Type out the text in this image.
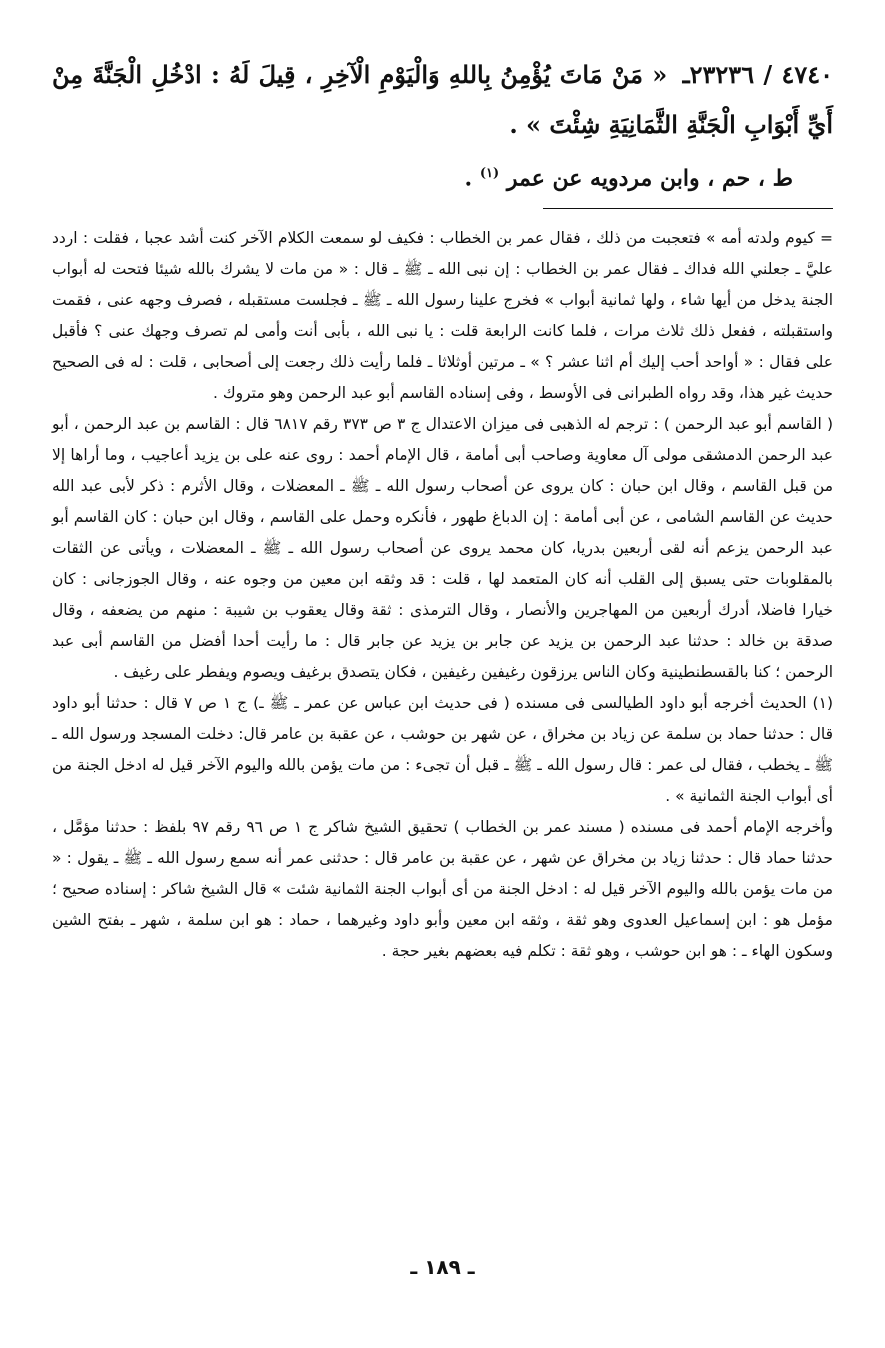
٤٧٤٠ / ٢٣٢٣٦ـ « مَنْ مَاتَ يُؤْمِنُ بِاللهِ وَالْيَوْمِ الْآخِرِ ، قِيلَ لَهُ : ادْخُلِ الْجَنَّةَ مِنْ أَيِّ أَبْوَابِ الْجَنَّةِ الثَّمَانِيَةِ شِئْتَ » .

ط ، حم ، وابن مردويه عن عمر $^{(١)}$ .

= كيوم ولدته أمه » فتعجبت من ذلك ، فقال عمر بن الخطاب : فكيف لو سمعت الكلام الآخر كنت أشد عجبا ، فقلت : اردد عليَّ ـ جعلني الله فداك ـ فقال عمر بن الخطاب : إن نبى الله ـ ﷺ ـ قال : « من مات لا يشرك بالله شيئا فتحت له أبواب الجنة يدخل من أيها شاء ، ولها ثمانية أبواب » فخرج علينا رسول الله ـ ﷺ ـ فجلست مستقبله ، فصرف وجهه عنى ، فقمت واستقبلته ، ففعل ذلك ثلاث مرات ، فلما كانت الرابعة قلت : يا نبى الله ، بأبى أنت وأمى لم تصرف وجهك عنى ؟ فأقبل على فقال : « أواحد أحب إليك أم اثنا عشر ؟ » ـ مرتين أوثلاثا ـ فلما رأيت ذلك رجعت إلى أصحابى ، قلت : له فى الصحيح حديث غير هذا، وقد رواه الطبرانى فى الأوسط ، وفى إسناده القاسم أبو عبد الرحمن وهو متروك .

( القاسم أبو عبد الرحمن ) : ترجم له الذهبى فى ميزان الاعتدال ج ٣ ص ٣٧٣ رقم ٦٨١٧ قال : القاسم بن عبد الرحمن ، أبو عبد الرحمن الدمشقى مولى آل معاوية وصاحب أبى أمامة ، قال الإمام أحمد : روى عنه على بن يزيد أعاجيب ، وما أراها إلا من قبل القاسم ، وقال ابن حبان : كان يروى عن أصحاب رسول الله ـ ﷺ ـ المعضلات ، وقال الأثرم : ذكر لأبى عبد الله حديث عن القاسم الشامى ، عن أبى أمامة : إن الدباغ طهور ، فأنكره وحمل على القاسم ، وقال ابن حبان : كان القاسم أبو عبد الرحمن يزعم أنه لقى أربعين بدريا، كان محمد يروى عن أصحاب رسول الله ـ ﷺ ـ المعضلات ، ويأتى عن الثقات بالمقلوبات حتى يسبق إلى القلب أنه كان المتعمد لها ، قلت : قد وثقه ابن معين من وجوه عنه ، وقال الجوزجانى : كان خيارا فاضلا، أدرك أربعين من المهاجرين والأنصار ، وقال الترمذى : ثقة وقال يعقوب بن شيبة : منهم من يضعفه ، وقال صدقة بن خالد : حدثنا عبد الرحمن بن يزيد عن جابر بن يزيد عن جابر قال : ما رأيت أحدا أفضل من القاسم أبى عبد الرحمن ؛ كنا بالقسطنطينية وكان الناس يرزقون رغيفين رغيفين ، فكان يتصدق برغيف ويصوم ويفطر على رغيف .

(١) الحديث أخرجه أبو داود الطيالسى فى مسنده ( فى حديث ابن عباس عن عمر ـ ﷺ ـ) ج ١ ص ٧ قال : حدثنا أبو داود قال : حدثنا حماد بن سلمة عن زياد بن مخراق ، عن شهر بن حوشب ، عن عقبة بن عامر قال: دخلت المسجد ورسول الله ـ ﷺ ـ يخطب ، فقال لى عمر : قال رسول الله ـ ﷺ ـ قبل أن تجىء : من مات يؤمن بالله واليوم الآخر قيل له ادخل الجنة من أى أبواب الجنة الثمانية » .

وأخرجه الإمام أحمد فى مسنده ( مسند عمر بن الخطاب ) تحقيق الشيخ شاكر ج ١ ص ٩٦ رقم ٩٧ بلفظ : حدثنا مؤمَّل ، حدثنا حماد قال : حدثنا زياد بن مخراق عن شهر ، عن عقبة بن عامر قال : حدثنى عمر أنه سمع رسول الله ـ ﷺ ـ يقول : « من مات يؤمن بالله واليوم الآخر قيل له : ادخل الجنة من أى أبواب الجنة الثمانية شئت » قال الشيخ شاكر : إسناده صحيح ؛ مؤمل هو : ابن إسماعيل العدوى وهو ثقة ، وثقه ابن معين وأبو داود وغيرهما ، حماد : هو ابن سلمة ، شهر ـ بفتح الشين وسكون الهاء ـ : هو ابن حوشب ، وهو ثقة : تكلم فيه بعضهم بغير حجة .

ـ ١٨٩ ـ
